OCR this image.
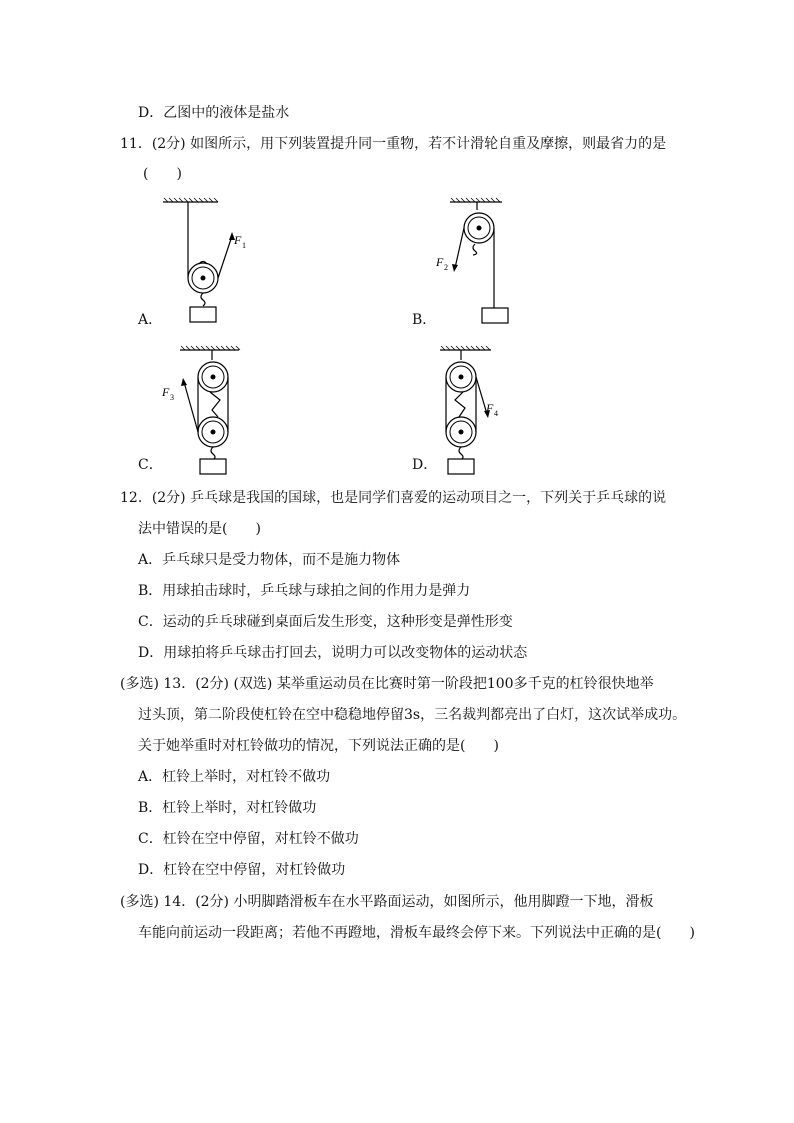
D．乙图中的液体是盐水
11．(2分) 如图所示，用下列装置提升同一重物，若不计滑轮自重及摩擦，则最省力的是
(　　)
A．
F 1
B．
F 2
C．
F 3
D．
F 4
12．(2分) 乒乓球是我国的国球，也是同学们喜爱的运动项目之一，下列关于乒乓球的说
法中错误的是(　　)
A．乒乓球只是受力物体，而不是施力物体
B．用球拍击球时，乒乓球与球拍之间的作用力是弹力
C．运动的乒乓球碰到桌面后发生形变，这种形变是弹性形变
D．用球拍将乒乓球击打回去，说明力可以改变物体的运动状态
(多选) 13．(2分) (双选) 某举重运动员在比赛时第一阶段把100多千克的杠铃很快地举
过头顶，第二阶段使杠铃在空中稳稳地停留3s，三名裁判都亮出了白灯，这次试举成功。
关于她举重时对杠铃做功的情况，下列说法正确的是(　　)
A．杠铃上举时，对杠铃不做功
B．杠铃上举时，对杠铃做功
C．杠铃在空中停留，对杠铃不做功
D．杠铃在空中停留，对杠铃做功
(多选) 14．(2分) 小明脚踏滑板车在水平路面运动，如图所示，他用脚蹬一下地，滑板
车能向前运动一段距离；若他不再蹬地，滑板车最终会停下来。下列说法中正确的是(　　)
